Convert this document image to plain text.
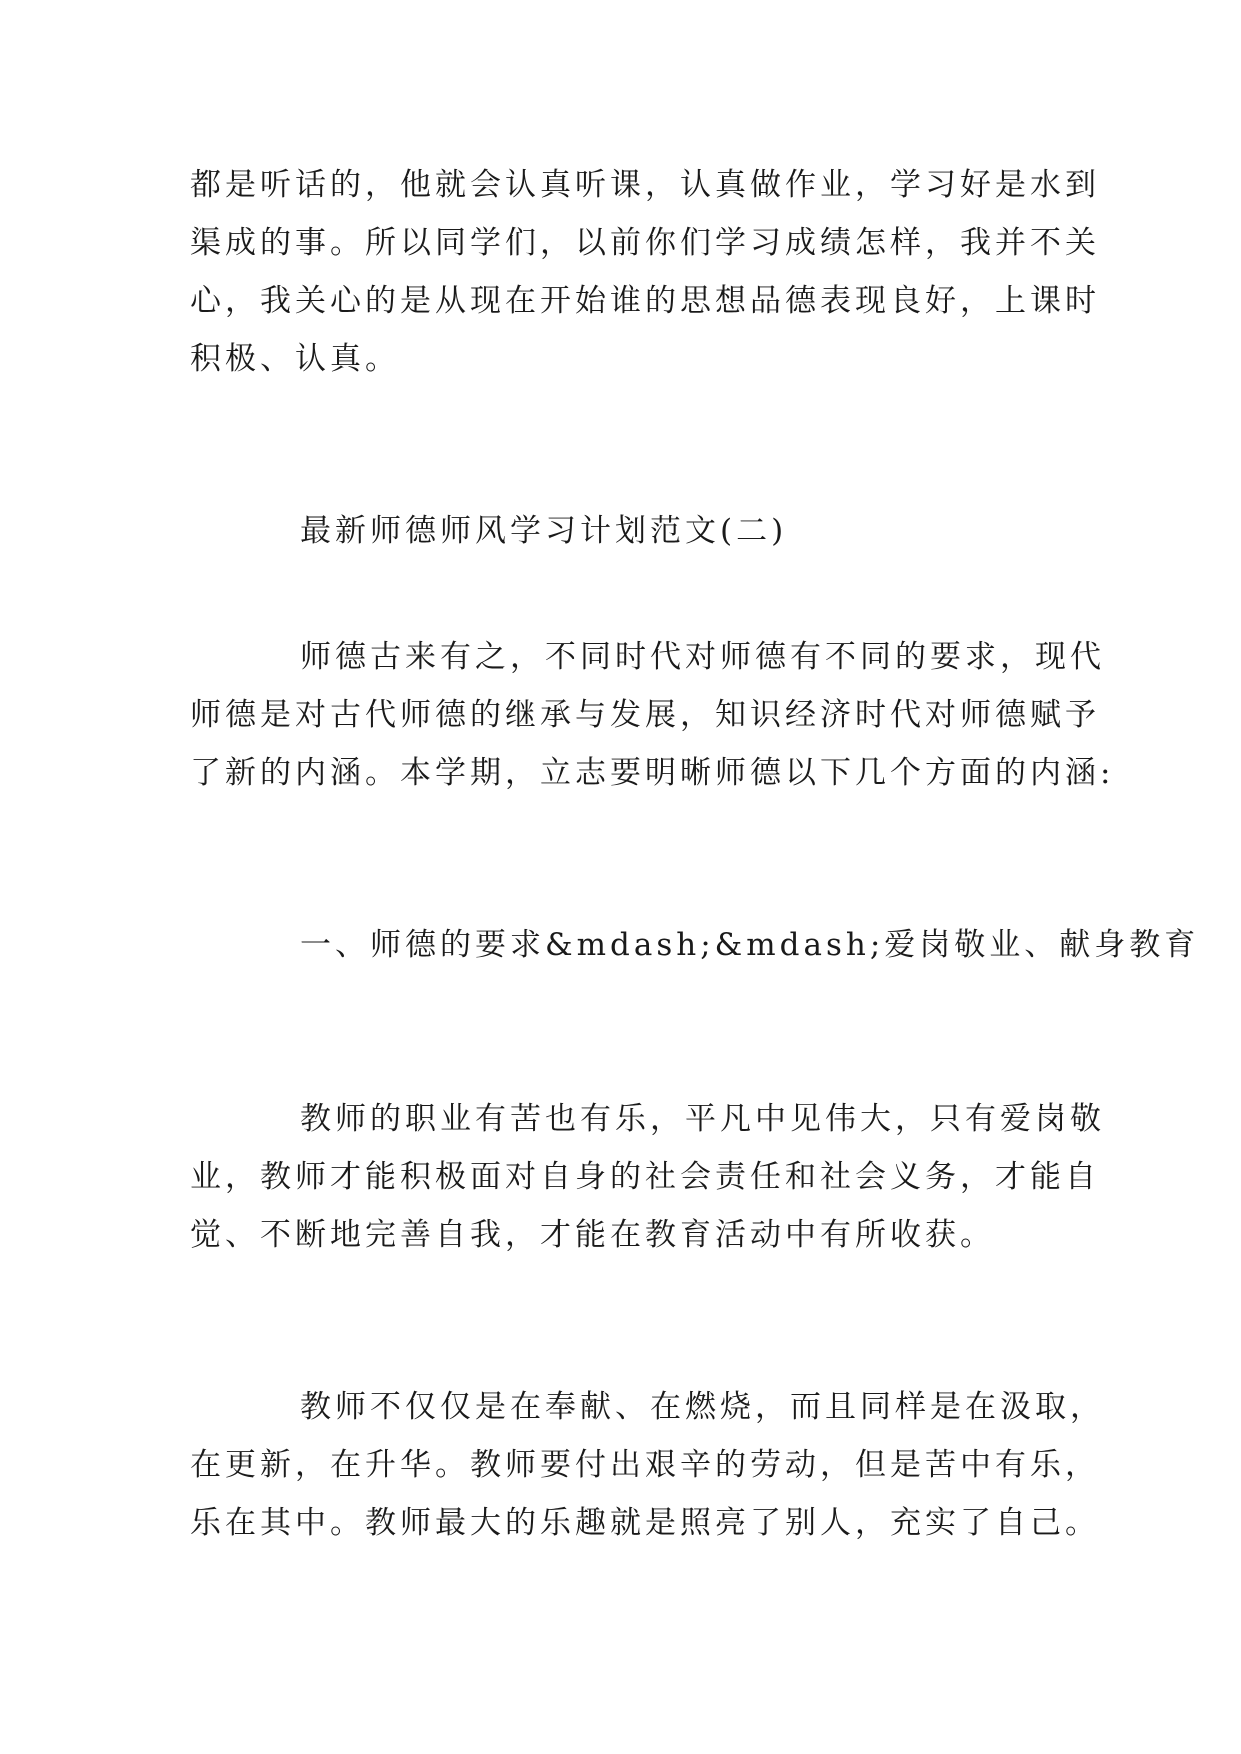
都是听话的，他就会认真听课，认真做作业，学习好是水到
渠成的事。所以同学们，以前你们学习成绩怎样，我并不关
心，我关心的是从现在开始谁的思想品德表现良好，上课时
积极、认真。

最新师德师风学习计划范文(二)

师德古来有之，不同时代对师德有不同的要求，现代
师德是对古代师德的继承与发展，知识经济时代对师德赋予
了新的内涵。本学期，立志要明晰师德以下几个方面的内涵:

一、师德的要求&mdash;&mdash;爱岗敬业、献身教育

教师的职业有苦也有乐，平凡中见伟大，只有爱岗敬
业，教师才能积极面对自身的社会责任和社会义务，才能自
觉、不断地完善自我，才能在教育活动中有所收获。

教师不仅仅是在奉献、在燃烧，而且同样是在汲取，
在更新，在升华。教师要付出艰辛的劳动，但是苦中有乐，
乐在其中。教师最大的乐趣就是照亮了别人，充实了自己。
